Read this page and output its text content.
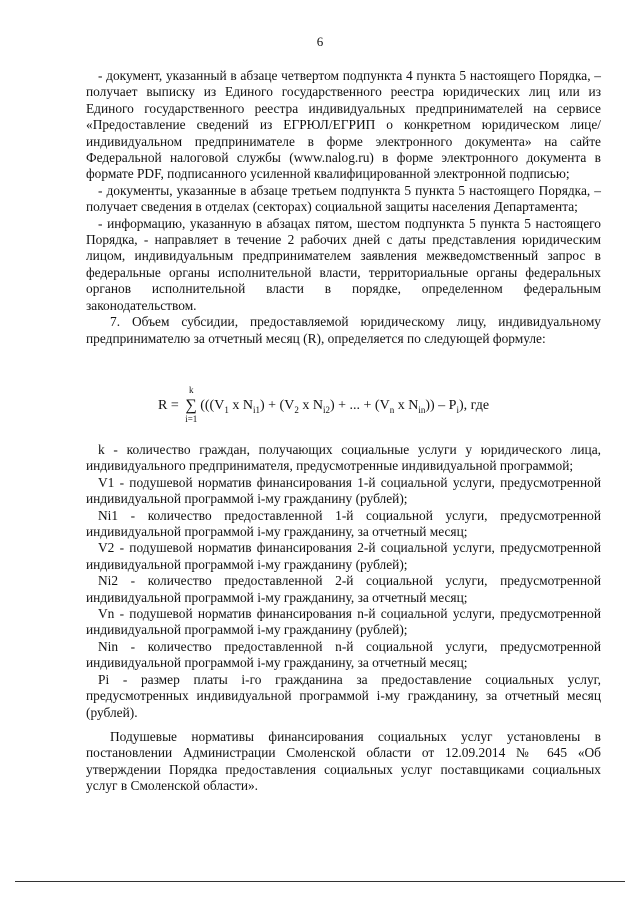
6

- документ, указанный в абзаце четвертом подпункта 4 пункта 5 настоящего Порядка, – получает выписку из Единого государственного реестра юридических лиц или из Единого государственного реестра индивидуальных предпринимателей на сервисе «Предоставление сведений из ЕГРЮЛ/ЕГРИП о конкретном юридическом лице/индивидуальном предпринимателе в форме электронного документа» на сайте Федеральной налоговой службы (www.nalog.ru) в форме электронного документа в формате PDF, подписанного усиленной квалифицированной электронной подписью;

- документы, указанные в абзаце третьем подпункта 5 пункта 5 настоящего Порядка, – получает сведения в отделах (секторах) социальной защиты населения Департамента;

- информацию, указанную в абзацах пятом, шестом подпункта 5 пункта 5 настоящего Порядка, - направляет в течение 2 рабочих дней с даты представления юридическим лицом, индивидуальным предпринимателем заявления межведомственный запрос в федеральные органы исполнительной власти, территориальные органы федеральных органов исполнительной власти в порядке, определенном федеральным законодательством.

7. Объем субсидии, предоставляемой юридическому лицу, индивидуальному предпринимателю за отчетный месяц (R), определяется по следующей формуле:

R =
k
∑
i=1
((($V_1$ x $N_{i1}) + (V_2$ x $N_{i2}$) + ... + ($V_n$ x $N_{in})) - P_i$), где

k - количество граждан, получающих социальные услуги у юридического лица, индивидуального предпринимателя, предусмотренные индивидуальной программой;

V1 - подушевой норматив финансирования 1-й социальной услуги, предусмотренной индивидуальной программой i-му гражданину (рублей);

Ni1 - количество предоставленной 1-й социальной услуги, предусмотренной индивидуальной программой i-му гражданину, за отчетный месяц;

V2 - подушевой норматив финансирования 2-й социальной услуги, предусмотренной индивидуальной программой i-му гражданину (рублей);

Ni2 - количество предоставленной 2-й социальной услуги, предусмотренной индивидуальной программой i-му гражданину, за отчетный месяц;

Vn - подушевой норматив финансирования n-й социальной услуги, предусмотренной индивидуальной программой i-му гражданину (рублей);

Nin - количество предоставленной n-й социальной услуги, предусмотренной индивидуальной программой i-му гражданину, за отчетный месяц;

Pi - размер платы i-го гражданина за предоставление социальных услуг, предусмотренных индивидуальной программой i-му гражданину, за отчетный месяц (рублей).

Подушевые нормативы финансирования социальных услуг установлены в постановлении Администрации Смоленской области от 12.09.2014 № 645 «Об утверждении Порядка предоставления социальных услуг поставщиками социальных услуг в Смоленской области».
